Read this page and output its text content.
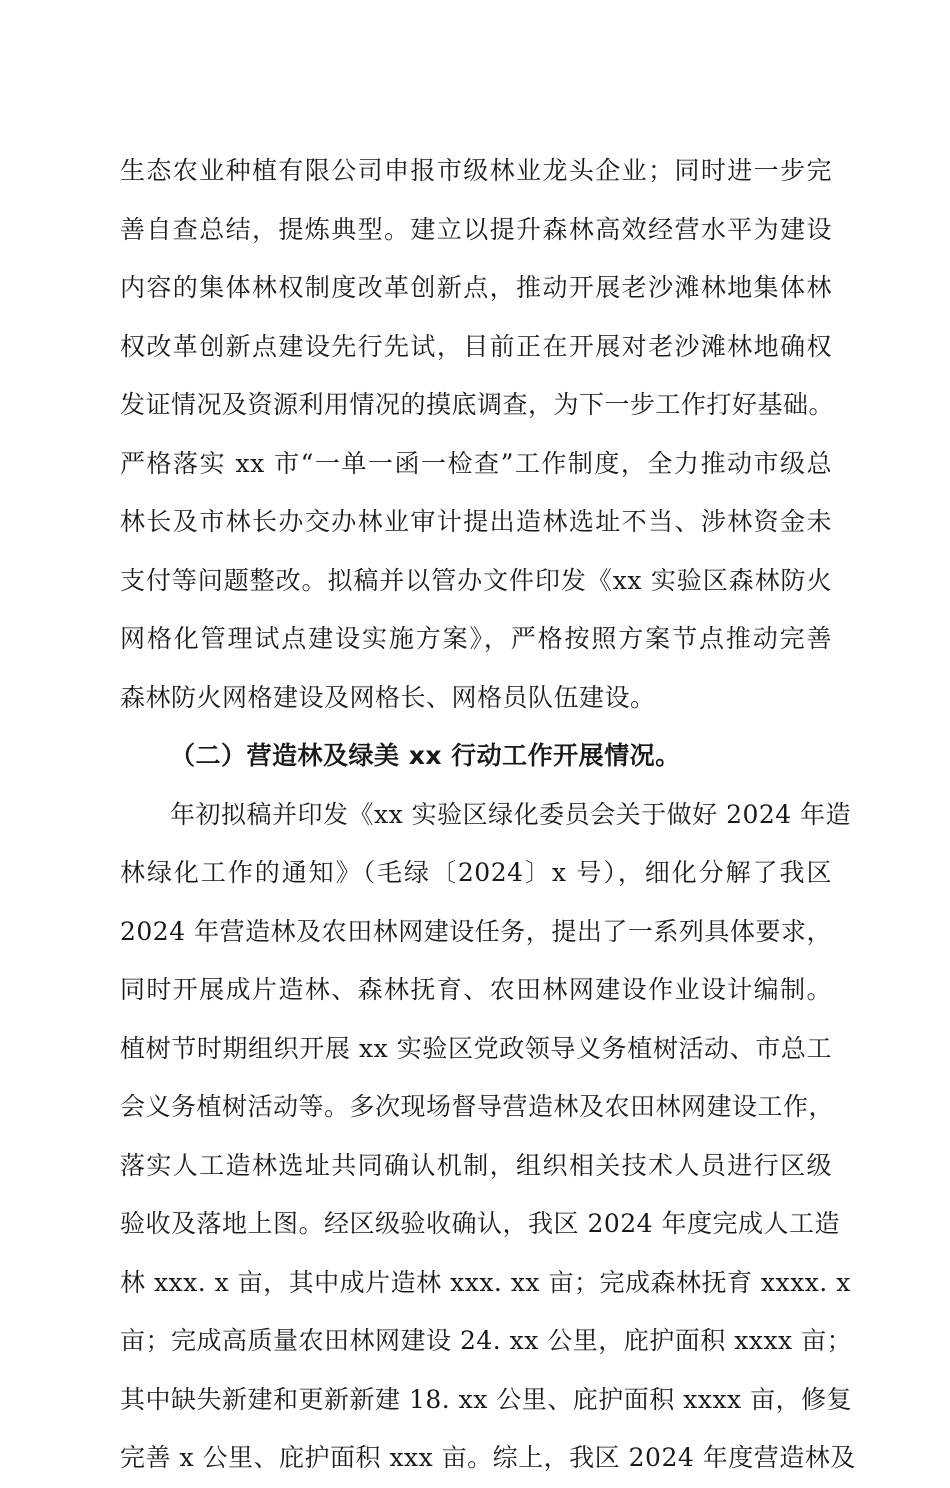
生态农业种植有限公司申报市级林业龙头企业；同时进一步完
善自查总结，提炼典型。建立以提升森林高效经营水平为建设
内容的集体林权制度改革创新点，推动开展老沙滩林地集体林
权改革创新点建设先行先试，目前正在开展对老沙滩林地确权
发证情况及资源利用情况的摸底调查，为下一步工作打好基础。
严格落实 xx 市“一单一函一检查”工作制度，全力推动市级总
林长及市林长办交办林业审计提出造林选址不当、涉林资金未
支付等问题整改。拟稿并以管办文件印发《xx 实验区森林防火
网格化管理试点建设实施方案》，严格按照方案节点推动完善
森林防火网格建设及网格长、网格员队伍建设。
（二）营造林及绿美 xx 行动工作开展情况。
年初拟稿并印发《xx 实验区绿化委员会关于做好 2024 年造
林绿化工作的通知》（毛绿〔2024〕x 号），细化分解了我区
2024 年营造林及农田林网建设任务，提出了一系列具体要求，
同时开展成片造林、森林抚育、农田林网建设作业设计编制。
植树节时期组织开展 xx 实验区党政领导义务植树活动、市总工
会义务植树活动等。多次现场督导营造林及农田林网建设工作，
落实人工造林选址共同确认机制，组织相关技术人员进行区级
验收及落地上图。经区级验收确认，我区 2024 年度完成人工造
林 xxx. x 亩，其中成片造林 xxx. xx 亩；完成森林抚育 xxxx. x
亩；完成高质量农田林网建设 24. xx 公里，庇护面积 xxxx 亩；
其中缺失新建和更新新建 18. xx 公里、庇护面积 xxxx 亩，修复
完善 x 公里、庇护面积 xxx 亩。综上，我区 2024 年度营造林及
